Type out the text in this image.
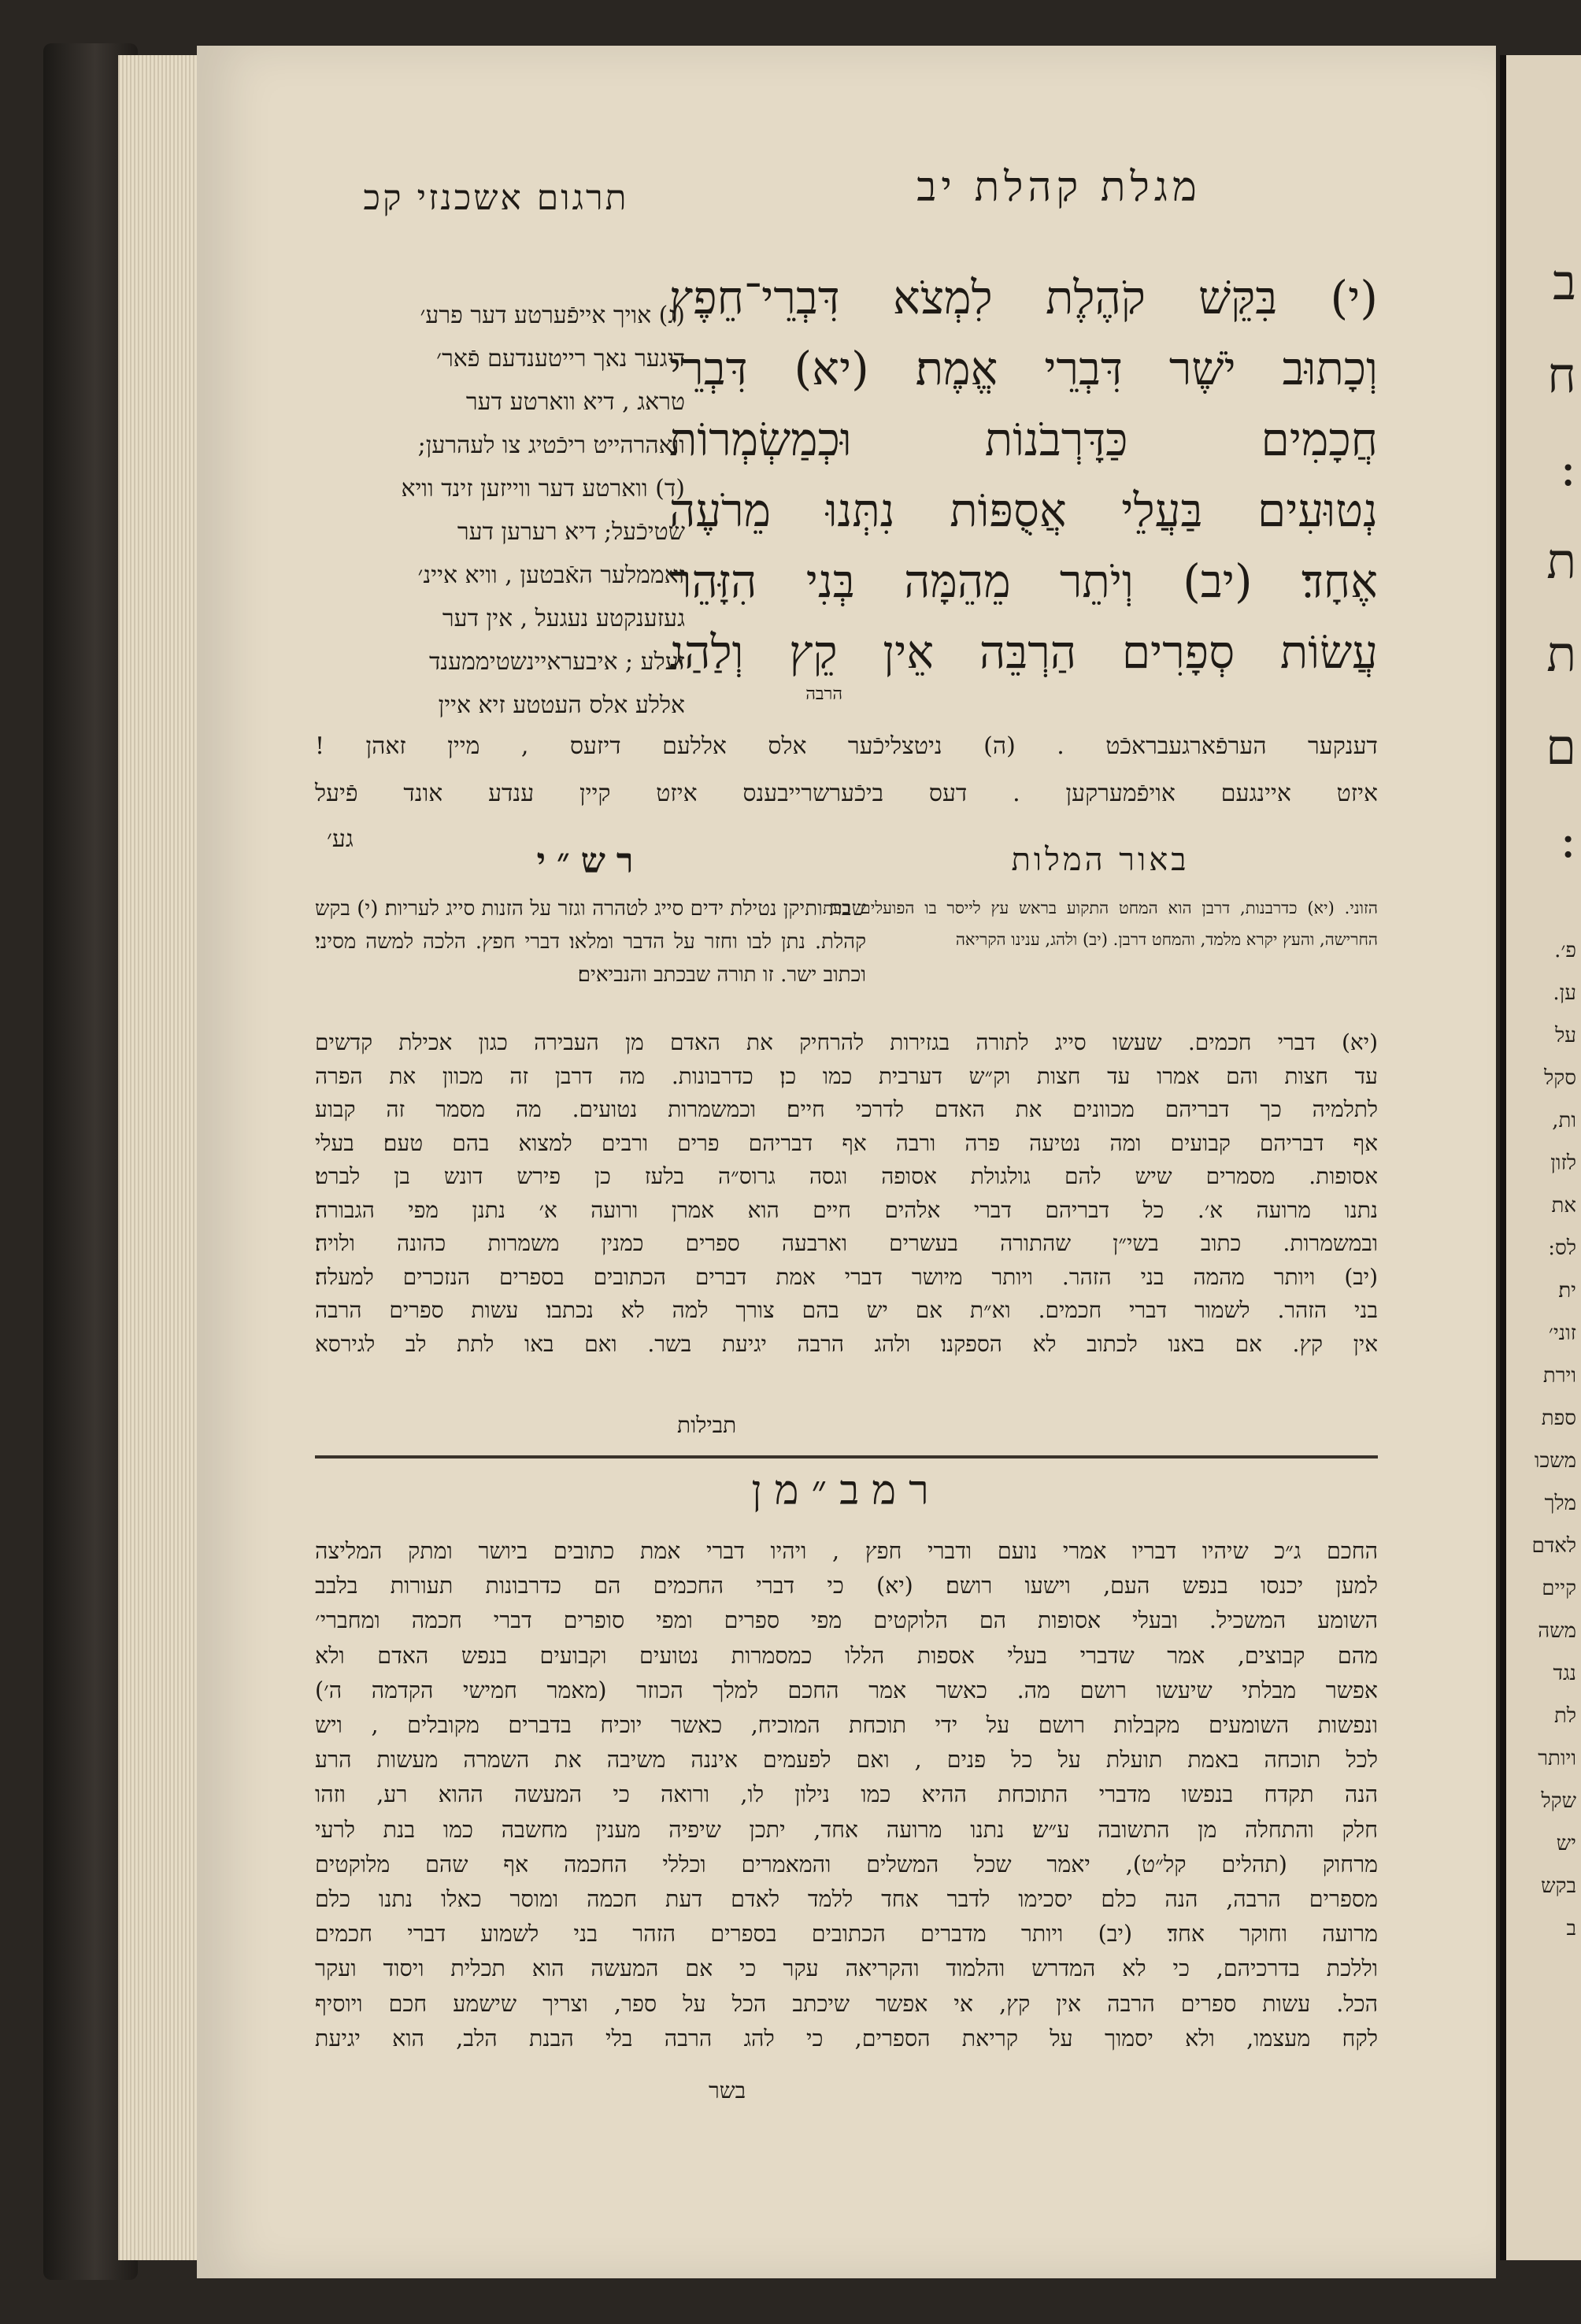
מגלת קהלת יב
תרגום אשכנזי קכ
(י) בִּקֵּשׁ קֹהֶלֶת לִמְצֹא דִּבְרֵי־חֵפֶץ
וְכָתוּב יֹשֶׁר דִּבְרֵי אֱמֶת׃ (יא) דִּבְרֵי
חֲכָמִים כַּדָּרְבֹנוֹת וּכְמַשְׂמְרוֹת
נְטוּעִים בַּעֲלֵי אֲסֻפּוֹת נִתְּנוּ מֵרֹעֶה
אֶחָד׃ (יב) וְיֹתֵר מֵהֵמָּה בְּנִי הִזָּהֵר
עֲשׂוֹת סְפָרִים הַרְבֵּה אֵין קֵץ וְלַהַג
הרבה
(ג) אויך אייפֿערטע דער פרע׳
דיגער נאך רייטענדעם פֿאר׳
טראג , דיא ווארטע דער
וואהרהייט ריכֿטיג צו לעהרען;
(ד) ווארטע דער ווייזען זינד וויא
שטיכֿעל; דיא רערען דער
זאממלער האֿבטען , וויא איינ׳
געזענקטע נעגעל , אין דער
זעלע ; איבעראיינשטיממענד
אללע אלס העטטע זיא איין
דענקער הערפֿארגעבראכֿט . (ה) ניטצליכֿער אלס אללעם דיזעס , מיין זאהן !
איזט איינגעם אויפֿמערקען . דעס ביכֿערשרייבענס איזט קיין ענדע אונד פֿיעל
גע׳
באור המלות
רש״י
הזוני. (יא) כדרבנות, דרבן הוא המחט התקוע בראש עץ לייסר בו הפועלים בעת החרישה, והעץ יקרא מלמד, והמחט דרבן. (יב) ולהג, ענינו הקריאה
שבת ותיקן נטילת ידים סייג לטהרה וגזר על הזנות סייג לעריות׃ (י) בקש קהלת. נתן לבו וחזר על הדבר ומלאו׃ דברי חפץ. הלכה למשה מסיני׃ וכתוב ישר. זו תורה שבכתב והנביאים׃
(יא) דברי חכמים. שעשו סייג לתורה בגזירות להרחיק את האדם מן העבירה כגון אכילת קדשים
עד חצות והם אמרו עד חצות וק״ש דערבית כמו כן׃ כדרבונות. מה דרבן זה מכוון את הפרה
לתלמיה כך דבריהם מכוונים את האדם לדרכי חיים׃ וכמשמרות נטועים. מה מסמר זה קבוע
אף דבריהם קבועים ומה נטיעה פרה ורבה אף דבריהם פרים ורבים למצוא בהם טעם׃ בעלי
אסופות. מסמרים שיש להם גולגולת אסופה וגסה גרוס״ה בלעז כן פירש דונש בן לברט׃
נתנו מרועה א׳. כל דבריהם דברי אלהים חיים הוא אמרן ורועה א׳ נתנן מפי הגבורה׃
ובמשמרות. כתוב בשי״ן שהתורה בעשרים וארבעה ספרים כמנין משמרות כהונה ולויה׃
(יב) ויותר מהמה בני הזהר. ויותר מיושר דברי אמת דברים הכתובים בספרים הנזכרים למעלה׃
בני הזהר. לשמור דברי חכמים. וא״ת אם יש בהם צורך למה לא נכתבו׃ עשות ספרים הרבה
אין קץ. אם באנו לכתוב לא הספקנו׃ ולהג הרבה יגיעת בשר. ואם באו לתת לב לגירסא
תבילות
רמב״מן
החכם ג״כ שיהיו דבריו אמרי נועם ודברי חפץ , ויהיו דברי אמת כתובים ביושר ומתק המליצה
למען יכנסו בנפש העם, וישעו רושם׃ (יא) כי דברי החכמים הם כדרבונות תעורות בלבב
השומע המשכיל. ובעלי אסופות הם הלוקטים מפי ספרים ומפי סופרים דברי חכמה ומחברי׳
מהם קבוצים, אמר שדברי בעלי אספות הללו כמסמרות נטועים וקבועים בנפש האדם ולא
אפשר מבלתי שיעשו רושם מה. כאשר אמר החכם למלך הכוזר (מאמר חמישי הקדמה ה׳)
ונפשות השומעים מקבלות רושם על ידי תוכחת המוכיח, כאשר יוכיח בדברים מקובלים , ויש
לכל תוכחה באמת תועלת על כל פנים , ואם לפעמים איננה משיבה את השמרה מעשות הרע
הנה תקדח בנפשו מדברי התוכחת ההיא כמו נילון לו, ורואה כי המעשה ההוא רע, וזהו
חלק והתחלה מן התשובה ע״ש׃ נתנו מרועה אחד, יתכן שיפיה מענין מחשבה כמו בנת לרעי
מרחוק (תהלים קל״ט), יאמר שכל המשלים והמאמרים וכללי החכמה אף שהם מלוקטים
מספרים הרבה, הנה כלם יסכימו לדבר אחד ללמד לאדם דעת חכמה ומוסר כאלו נתנו כלם
מרועה וחוקר אחד׃ (יב) ויותר מדברים הכתובים בספרים הזהר בני לשמוע דברי חכמים
וללכת בדרכיהם, כי לא המדרש והלמוד והקריאה עקר כי אם המעשה הוא תכלית ויסוד ועקר
הכל. עשות ספרים הרבה אין קץ, אי אפשר שיכתב הכל על ספר, וצריך שישמע חכם ויוסיף
לקח מעצמו, ולא יסמוך על קריאת הספרים, כי להג הרבה בלי הבנת הלב, הוא יגיעת
בשר
ב
ח
:
ת
ת
ם
:
פ׳.
ען.
על
סקל
ות,
לזון
את
לס:
ית׃
זוני׳
וירת
ספת
משכו
מלך
לאדם
קיים
משה
נגד
לת
ויותר
שקל
יש
בקש
ב
